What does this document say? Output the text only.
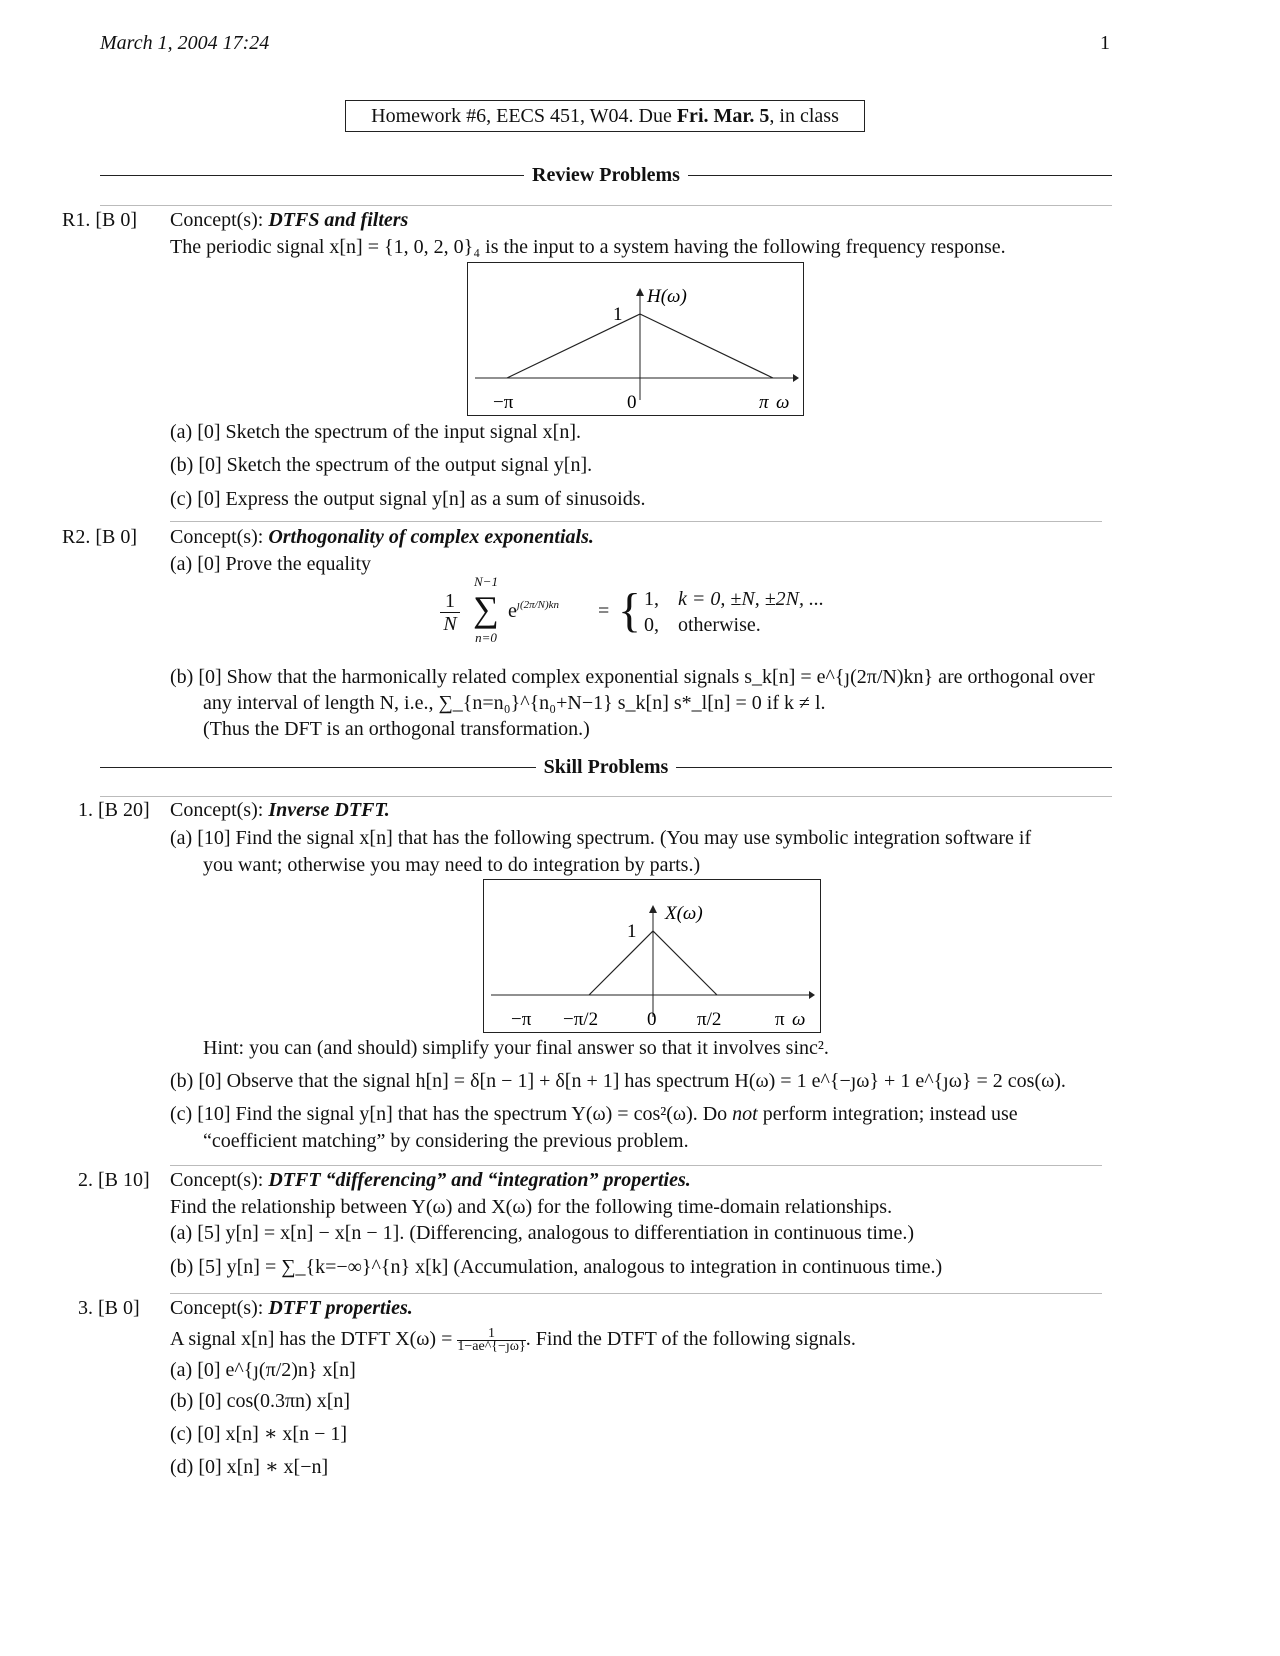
March 1, 2004 17:24	1
Homework #6, EECS 451, W04. Due Fri. Mar. 5, in class
Review Problems
R1. [B 0] Concept(s): DTFS and filters
The periodic signal x[n] = {1, 0, 2, 0}₄ is the input to a system having the following frequency response.
H(ω)
1
−π	0	π ω
(a) [0] Sketch the spectrum of the input signal x[n].
(b) [0] Sketch the spectrum of the output signal y[n].
(c) [0] Express the output signal y[n] as a sum of sinusoids.
R2. [B 0] Concept(s): Orthogonality of complex exponentials.
(a) [0] Prove the equality
1
N
N−1
∑
n=0
$e^{ȷ(2\pi/N)kn}$ = { 1, k = 0, ±N, ±2N, ...
0, otherwise.
(b) [0] Show that the harmonically related complex exponential signals s_k[n] = e^{ȷ(2π/N)kn} are orthogonal over
any interval of length N, i.e., ∑_{n=n₀}^{n₀+N−1} s_k[n] s*_l[n] = 0 if k ≠ l.
(Thus the DFT is an orthogonal transformation.)
Skill Problems
1. [B 20] Concept(s): Inverse DTFT.
(a) [10] Find the signal x[n] that has the following spectrum. (You may use symbolic integration software if
you want; otherwise you may need to do integration by parts.)
X(ω)
1
−π −π/2	0 π/2	π ω
Hint: you can (and should) simplify your final answer so that it involves sinc².
(b) [0] Observe that the signal h[n] = δ[n − 1] + δ[n + 1] has spectrum H(ω) = 1 e^{−ȷω} + 1 e^{ȷω} = 2 cos(ω).
(c) [10] Find the signal y[n] that has the spectrum Y(ω) = cos²(ω). Do not perform integration; instead use
“coefficient matching” by considering the previous problem.
2. [B 10] Concept(s): DTFT “differencing” and “integration” properties.
Find the relationship between Y(ω) and X(ω) for the following time-domain relationships.
(a) [5] y[n] = x[n] − x[n − 1]. (Differencing, analogous to differentiation in continuous time.)
(b) [5] y[n] = ∑_{k=−∞}^{n} x[k] (Accumulation, analogous to integration in continuous time.)
3. [B 0] Concept(s): DTFT properties.
A signal x[n] has the DTFT $X(\omega) = \frac{1}{1-ae\^{}\{-ȷ\omega\}}$ . Find the DTFT of the following signals.
(a) [0] e^{ȷ(π/2)n} x[n]
(b) [0] cos(0.3πn) x[n]
(c) [0] x[n] ∗ x[n − 1]
(d) [0] x[n] ∗ x[−n]
